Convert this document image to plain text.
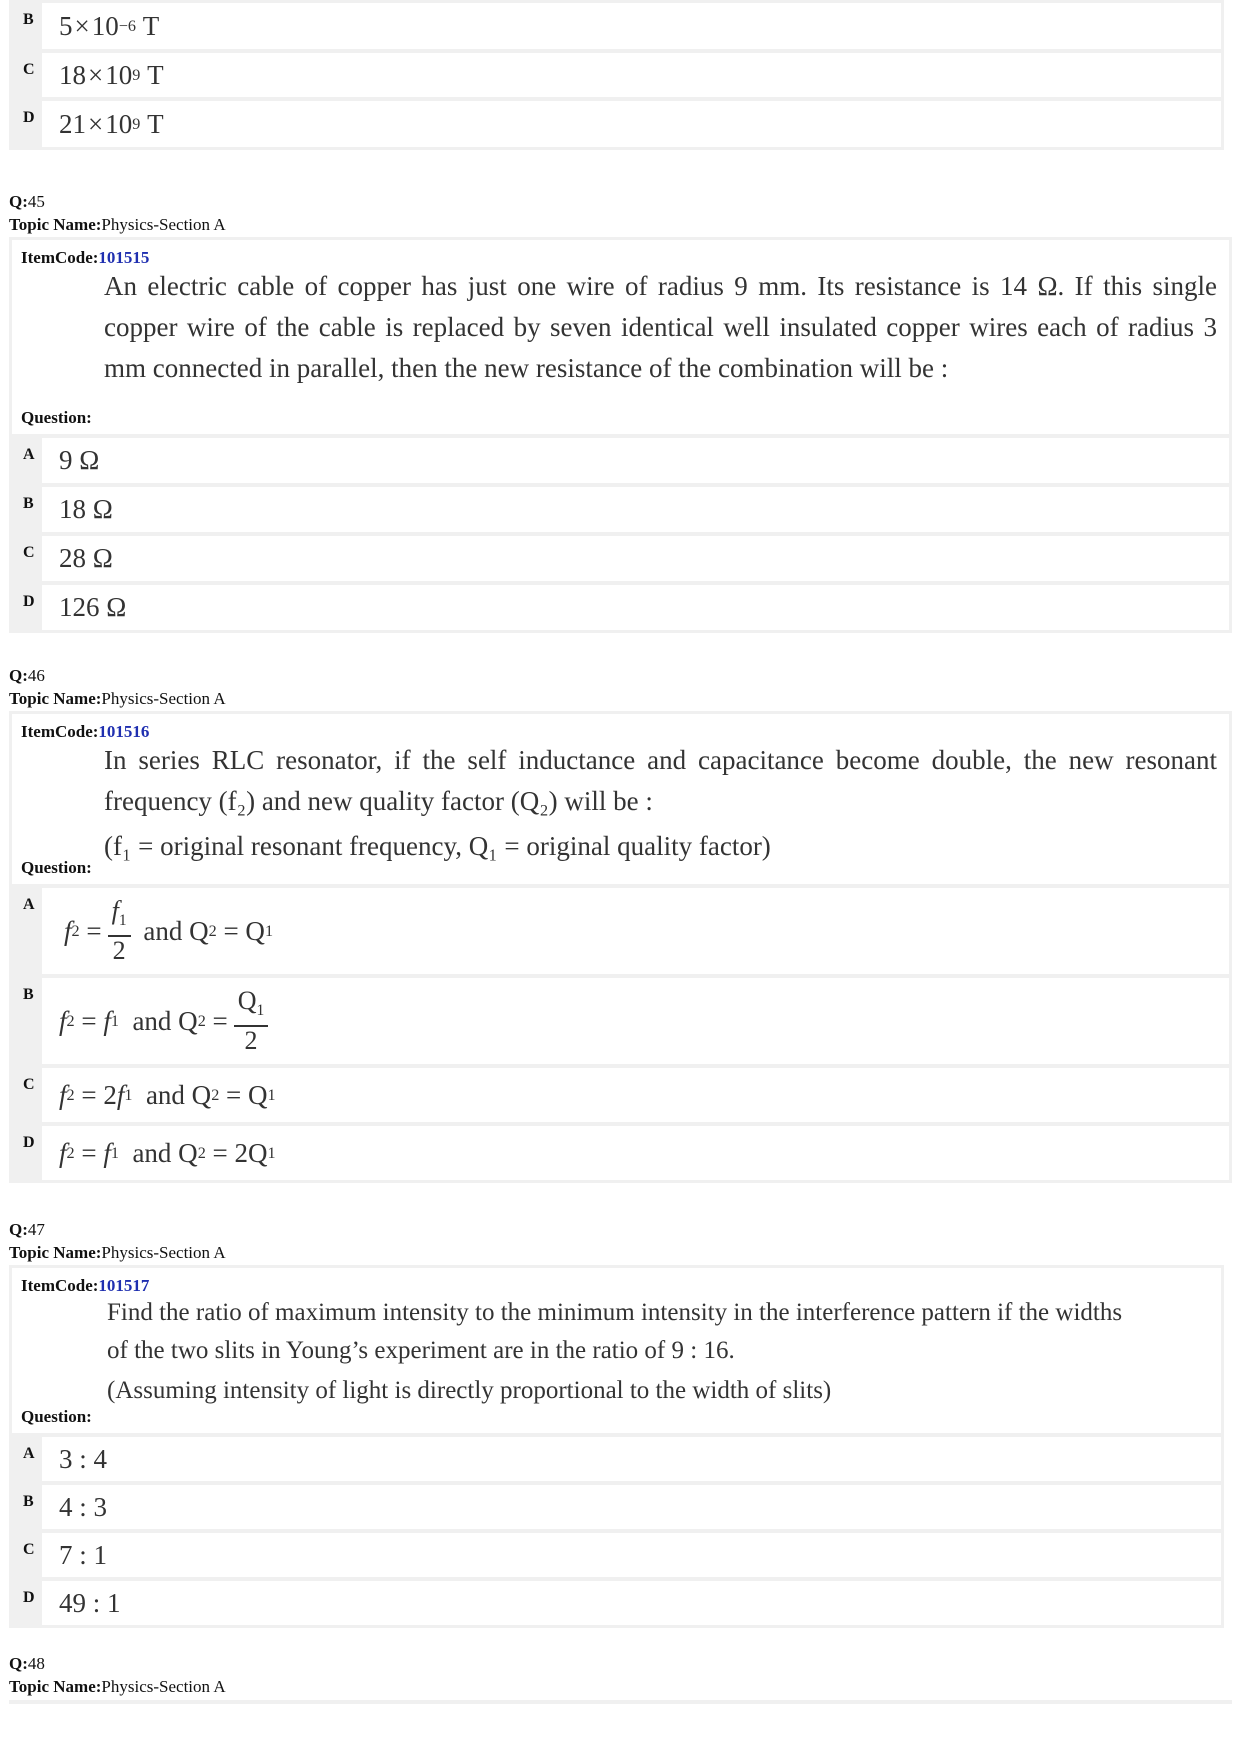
B 5 × 10 −6 T
C 18 × 10 9 T
D 21 × 10 9 T
Q:45
Topic Name:Physics-Section A
ItemCode:101515
An electric cable of copper has just one wire of radius 9 mm. Its resistance is 14 Ω. If this single copper wire of the cable is replaced by seven identical well insulated copper wires each of radius 3 mm connected in parallel, then the new resistance of the combination will be :
Question:
A 9 Ω
B 18 Ω
C 28 Ω
D 126 Ω
Q:46
Topic Name:Physics-Section A
ItemCode:101516
In series RLC resonator, if the self inductance and capacitance become double, the new resonant frequency (f₂) and new quality factor (Q₂) will be :
(f₁ = original resonant frequency, Q₁ = original quality factor)
Question:
A
f $2 = \frac{f_1}{2}$ and Q 2 = Q 1
B
f 2 = f 1 and Q $2 = \frac{Q_1}{2}$
C f 2 = 2 f 1 and Q 2 = Q 1
D f 2 = f 1 and Q 2 = 2Q 1
Q:47
Topic Name:Physics-Section A
ItemCode:101517
Find the ratio of maximum intensity to the minimum intensity in the interference pattern if the widths of the two slits in Young’s experiment are in the ratio of 9 : 16.
(Assuming intensity of light is directly proportional to the width of slits)
Question:
A 3 : 4
B 4 : 3
C 7 : 1
D 49 : 1
Q:48
Topic Name:Physics-Section A
